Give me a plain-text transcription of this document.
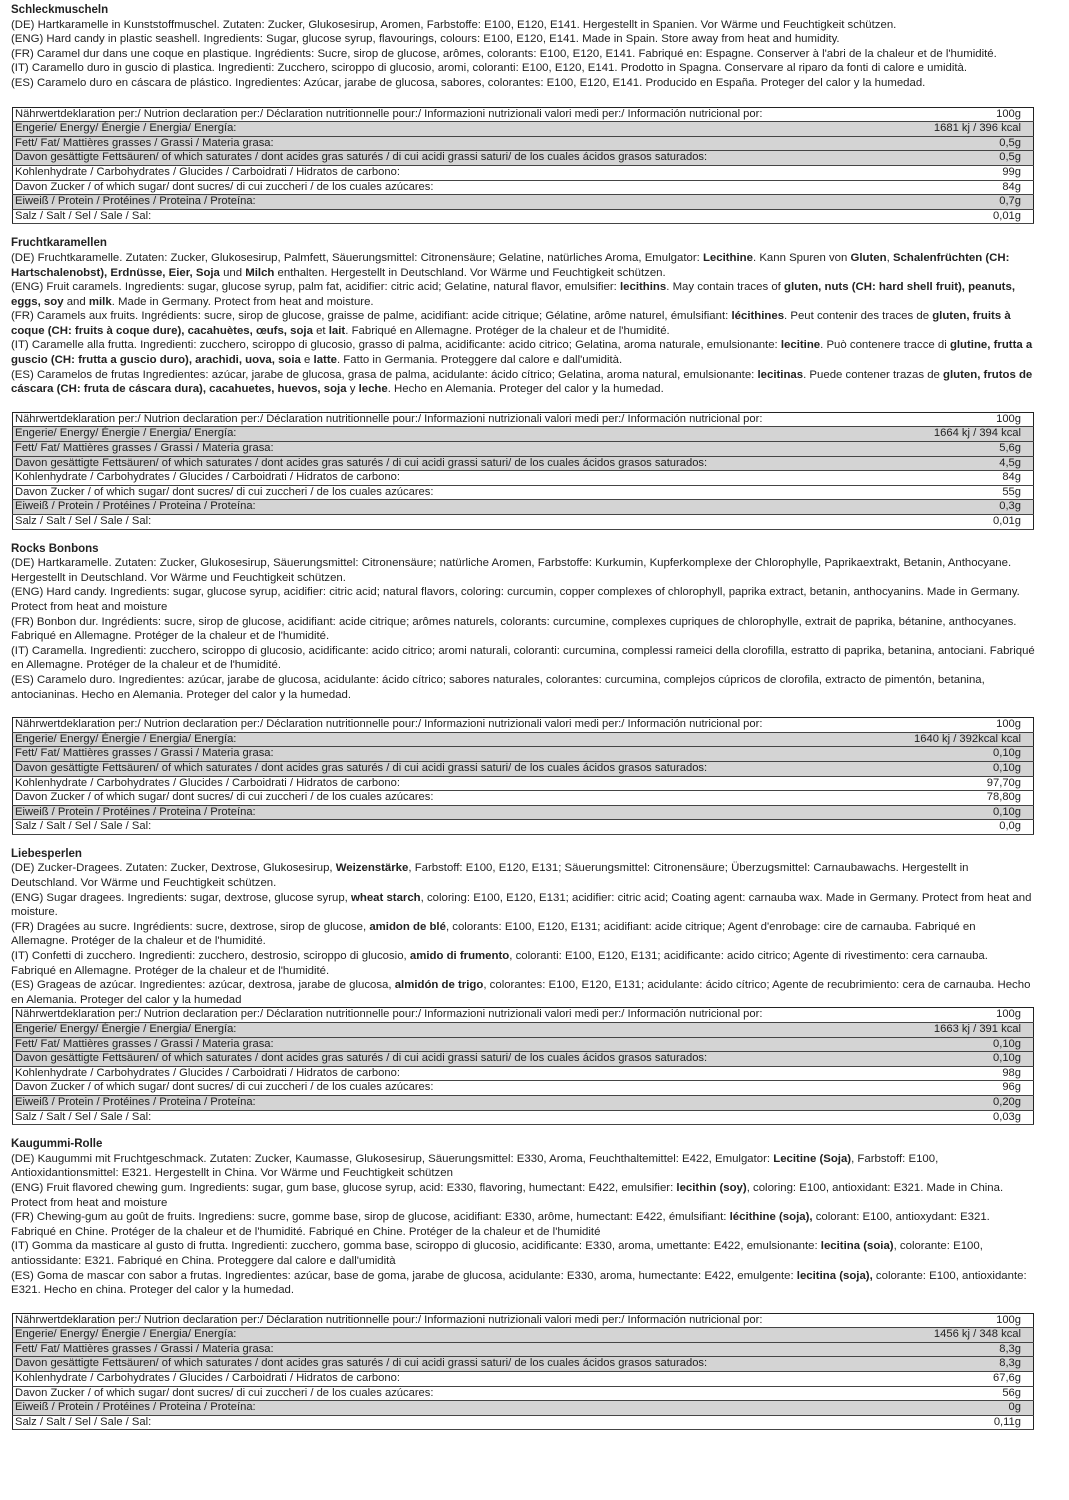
Schleckmuscheln

(DE) Hartkaramelle in Kunststoffmuschel. Zutaten: Zucker, Glukosesirup, Aromen, Farbstoffe: E100, E120, E141. Hergestellt in Spanien. Vor Wärme und Feuchtigkeit schützen.

(ENG) Hard candy in plastic seashell. Ingredients: Sugar, glucose syrup, flavourings, colours: E100, E120, E141. Made in Spain. Store away from heat and humidity.

(FR) Caramel dur dans une coque en plastique. Ingrédients: Sucre, sirop de glucose, arômes, colorants: E100, E120, E141. Fabriqué en: Espagne. Conserver à l'abri de la chaleur et de l'humidité.

(IT) Caramello duro in guscio di plastica. Ingredienti: Zucchero, sciroppo di glucosio, aromi, coloranti: E100, E120, E141. Prodotto in Spagna. Conservare al riparo da fonti di calore e umidità.

(ES) Caramelo duro en cáscara de plástico. Ingredientes: Azúcar, jarabe de glucosa, sabores, colorantes: E100, E120, E141. Producido en España. Proteger del calor y la humedad.

Nährwertdeklaration per:/ Nutrion declaration per:/ Déclaration nutritionnelle pour:/ Informazioni nutrizionali valori medi per:/ Información nutricional por:	100g
Engerie/ Energy/ Énergie / Energia/ Energía:	1681 kj / 396 kcal
Fett/ Fat/ Mattières grasses / Grassi / Materia grasa:	0,5g
Davon gesättigte Fettsäuren/ of which saturates / dont acides gras saturés / di cui acidi grassi saturi/ de los cuales ácidos grasos saturados:	0,5g
Kohlenhydrate / Carbohydrates / Glucides / Carboidrati / Hidratos de carbono:	99g
Davon Zucker / of which sugar/ dont sucres/ di cui zuccheri / de los cuales azúcares:	84g
Eiweiß / Protein / Protéines / Proteina / Proteína:	0,7g
Salz / Salt / Sel / Sale / Sal:	0,01g
Fruchtkaramellen

(DE) Fruchtkaramelle. Zutaten: Zucker, Glukosesirup, Palmfett, Säuerungsmittel: Citronensäure; Gelatine, natürliches Aroma, Emulgator: Lecithine. Kann Spuren von Gluten, Schalenfrüchten (CH: Hartschalenobst), Erdnüsse, Eier, Soja und Milch enthalten. Hergestellt in Deutschland. Vor Wärme und Feuchtigkeit schützen.

(ENG) Fruit caramels. Ingredients: sugar, glucose syrup, palm fat, acidifier: citric acid; Gelatine, natural flavor, emulsifier: lecithins. May contain traces of gluten, nuts (CH: hard shell fruit), peanuts, eggs, soy and milk. Made in Germany. Protect from heat and moisture.

(FR) Caramels aux fruits. Ingrédients: sucre, sirop de glucose, graisse de palme, acidifiant: acide citrique; Gélatine, arôme naturel, émulsifiant: lécithines. Peut contenir des traces de gluten, fruits à coque (CH: fruits à coque dure), cacahuètes, œufs, soja et lait. Fabriqué en Allemagne. Protéger de la chaleur et de l'humidité.

(IT) Caramelle alla frutta. Ingredienti: zucchero, sciroppo di glucosio, grasso di palma, acidificante: acido citrico; Gelatina, aroma naturale, emulsionante: lecitine. Può contenere tracce di glutine, frutta a guscio (CH: frutta a guscio duro), arachidi, uova, soia e latte. Fatto in Germania. Proteggere dal calore e dall'umidità.

(ES) Caramelos de frutas Ingredientes: azúcar, jarabe de glucosa, grasa de palma, acidulante: ácido cítrico; Gelatina, aroma natural, emulsionante: lecitinas. Puede contener trazas de gluten, frutos de cáscara (CH: fruta de cáscara dura), cacahuetes, huevos, soja y leche. Hecho en Alemania. Proteger del calor y la humedad.

Nährwertdeklaration per:/ Nutrion declaration per:/ Déclaration nutritionnelle pour:/ Informazioni nutrizionali valori medi per:/ Información nutricional por:	100g
Engerie/ Energy/ Énergie / Energia/ Energía:	1664 kj / 394 kcal
Fett/ Fat/ Mattières grasses / Grassi / Materia grasa:	5,6g
Davon gesättigte Fettsäuren/ of which saturates / dont acides gras saturés / di cui acidi grassi saturi/ de los cuales ácidos grasos saturados:	4,5g
Kohlenhydrate / Carbohydrates / Glucides / Carboidrati / Hidratos de carbono:	84g
Davon Zucker / of which sugar/ dont sucres/ di cui zuccheri / de los cuales azúcares:	55g
Eiweiß / Protein / Protéines / Proteina / Proteína:	0,3g
Salz / Salt / Sel / Sale / Sal:	0,01g
Rocks Bonbons

(DE) Hartkaramelle. Zutaten: Zucker, Glukosesirup, Säuerungsmittel: Citronensäure; natürliche Aromen, Farbstoffe: Kurkumin, Kupferkomplexe der Chlorophylle, Paprikaextrakt, Betanin, Anthocyane. Hergestellt in Deutschland. Vor Wärme und Feuchtigkeit schützen.

(ENG) Hard candy. Ingredients: sugar, glucose syrup, acidifier: citric acid; natural flavors, coloring: curcumin, copper complexes of chlorophyll, paprika extract, betanin, anthocyanins. Made in Germany. Protect from heat and moisture

(FR) Bonbon dur. Ingrédients: sucre, sirop de glucose, acidifiant: acide citrique; arômes naturels, colorants: curcumine, complexes cupriques de chlorophylle, extrait de paprika, bétanine, anthocyanes. Fabriqué en Allemagne. Protéger de la chaleur et de l'humidité.

(IT) Caramella. Ingredienti: zucchero, sciroppo di glucosio, acidificante: acido citrico; aromi naturali, coloranti: curcumina, complessi rameici della clorofilla, estratto di paprika, betanina, antociani. Fabriqué en Allemagne. Protéger de la chaleur et de l'humidité.

(ES) Caramelo duro. Ingredientes: azúcar, jarabe de glucosa, acidulante: ácido cítrico; sabores naturales, colorantes: curcumina, complejos cúpricos de clorofila, extracto de pimentón, betanina, antocianinas. Hecho en Alemania. Proteger del calor y la humedad.

Nährwertdeklaration per:/ Nutrion declaration per:/ Déclaration nutritionnelle pour:/ Informazioni nutrizionali valori medi per:/ Información nutricional por:	100g
Engerie/ Energy/ Énergie / Energia/ Energía:	1640 kj / 392kcal kcal
Fett/ Fat/ Mattières grasses / Grassi / Materia grasa:	0,10g
Davon gesättigte Fettsäuren/ of which saturates / dont acides gras saturés / di cui acidi grassi saturi/ de los cuales ácidos grasos saturados:	0,10g
Kohlenhydrate / Carbohydrates / Glucides / Carboidrati / Hidratos de carbono:	97,70g
Davon Zucker / of which sugar/ dont sucres/ di cui zuccheri / de los cuales azúcares:	78,80g
Eiweiß / Protein / Protéines / Proteina / Proteína:	0,10g
Salz / Salt / Sel / Sale / Sal:	0,0g
Liebesperlen

(DE) Zucker-Dragees. Zutaten: Zucker, Dextrose, Glukosesirup, Weizenstärke, Farbstoff: E100, E120, E131; Säuerungsmittel: Citronensäure; Überzugsmittel: Carnaubawachs. Hergestellt in Deutschland. Vor Wärme und Feuchtigkeit schützen.

(ENG) Sugar dragees. Ingredients: sugar, dextrose, glucose syrup, wheat starch, coloring: E100, E120, E131; acidifier: citric acid; Coating agent: carnauba wax. Made in Germany. Protect from heat and moisture.

(FR) Dragées au sucre. Ingrédients: sucre, dextrose, sirop de glucose, amidon de blé, colorants: E100, E120, E131; acidifiant: acide citrique; Agent d'enrobage: cire de carnauba. Fabriqué en Allemagne. Protéger de la chaleur et de l'humidité.

(IT) Confetti di zucchero. Ingredienti: zucchero, destrosio, sciroppo di glucosio, amido di frumento, coloranti: E100, E120, E131; acidificante: acido citrico; Agente di rivestimento: cera carnauba. Fabriqué en Allemagne. Protéger de la chaleur et de l'humidité.

(ES) Grageas de azúcar. Ingredientes: azúcar, dextrosa, jarabe de glucosa, almidón de trigo, colorantes: E100, E120, E131; acidulante: ácido cítrico; Agente de recubrimiento: cera de carnauba. Hecho en Alemania. Proteger del calor y la humedad

Nährwertdeklaration per:/ Nutrion declaration per:/ Déclaration nutritionnelle pour:/ Informazioni nutrizionali valori medi per:/ Información nutricional por:	100g
Engerie/ Energy/ Énergie / Energia/ Energía:	1663 kj / 391 kcal
Fett/ Fat/ Mattières grasses / Grassi / Materia grasa:	0,10g
Davon gesättigte Fettsäuren/ of which saturates / dont acides gras saturés / di cui acidi grassi saturi/ de los cuales ácidos grasos saturados:	0,10g
Kohlenhydrate / Carbohydrates / Glucides / Carboidrati / Hidratos de carbono:	98g
Davon Zucker / of which sugar/ dont sucres/ di cui zuccheri / de los cuales azúcares:	96g
Eiweiß / Protein / Protéines / Proteina / Proteína:	0,20g
Salz / Salt / Sel / Sale / Sal:	0,03g
Kaugummi-Rolle

(DE) Kaugummi mit Fruchtgeschmack. Zutaten: Zucker, Kaumasse, Glukosesirup, Säuerungsmittel: E330, Aroma, Feuchthaltemittel: E422, Emulgator: Lecitine (Soja), Farbstoff: E100, Antioxidantionsmittel: E321. Hergestellt in China. Vor Wärme und Feuchtigkeit schützen

(ENG) Fruit flavored chewing gum. Ingredients: sugar, gum base, glucose syrup, acid: E330, flavoring, humectant: E422, emulsifier: lecithin (soy), coloring: E100, antioxidant: E321. Made in China. Protect from heat and moisture

(FR) Chewing-gum au goût de fruits. Ingrediens: sucre, gomme base, sirop de glucose, acidifiant: E330, arôme, humectant: E422, émulsifiant: lécithine (soja), colorant: E100, antioxydant: E321. Fabriqué en Chine. Protéger de la chaleur et de l'humidité. Fabriqué en Chine. Protéger de la chaleur et de l'humidité

(IT) Gomma da masticare al gusto di frutta. Ingredienti: zucchero, gomma base, sciroppo di glucosio, acidificante: E330, aroma, umettante: E422, emulsionante: lecitina (soia), colorante: E100, antiossidante: E321. Fabriqué en China. Proteggere dal calore e dall'umidità

(ES) Goma de mascar con sabor a frutas. Ingredientes: azúcar, base de goma, jarabe de glucosa, acidulante: E330, aroma, humectante: E422, emulgente: lecitina (soja), colorante: E100, antioxidante: E321. Hecho en china. Proteger del calor y la humedad.

Nährwertdeklaration per:/ Nutrion declaration per:/ Déclaration nutritionnelle pour:/ Informazioni nutrizionali valori medi per:/ Información nutricional por:	100g
Engerie/ Energy/ Énergie / Energia/ Energía:	1456 kj / 348 kcal
Fett/ Fat/ Mattières grasses / Grassi / Materia grasa:	8,3g
Davon gesättigte Fettsäuren/ of which saturates / dont acides gras saturés / di cui acidi grassi saturi/ de los cuales ácidos grasos saturados:	8,3g
Kohlenhydrate / Carbohydrates / Glucides / Carboidrati / Hidratos de carbono:	67,6g
Davon Zucker / of which sugar/ dont sucres/ di cui zuccheri / de los cuales azúcares:	56g
Eiweiß / Protein / Protéines / Proteina / Proteína:	0g
Salz / Salt / Sel / Sale / Sal:	0,11g
